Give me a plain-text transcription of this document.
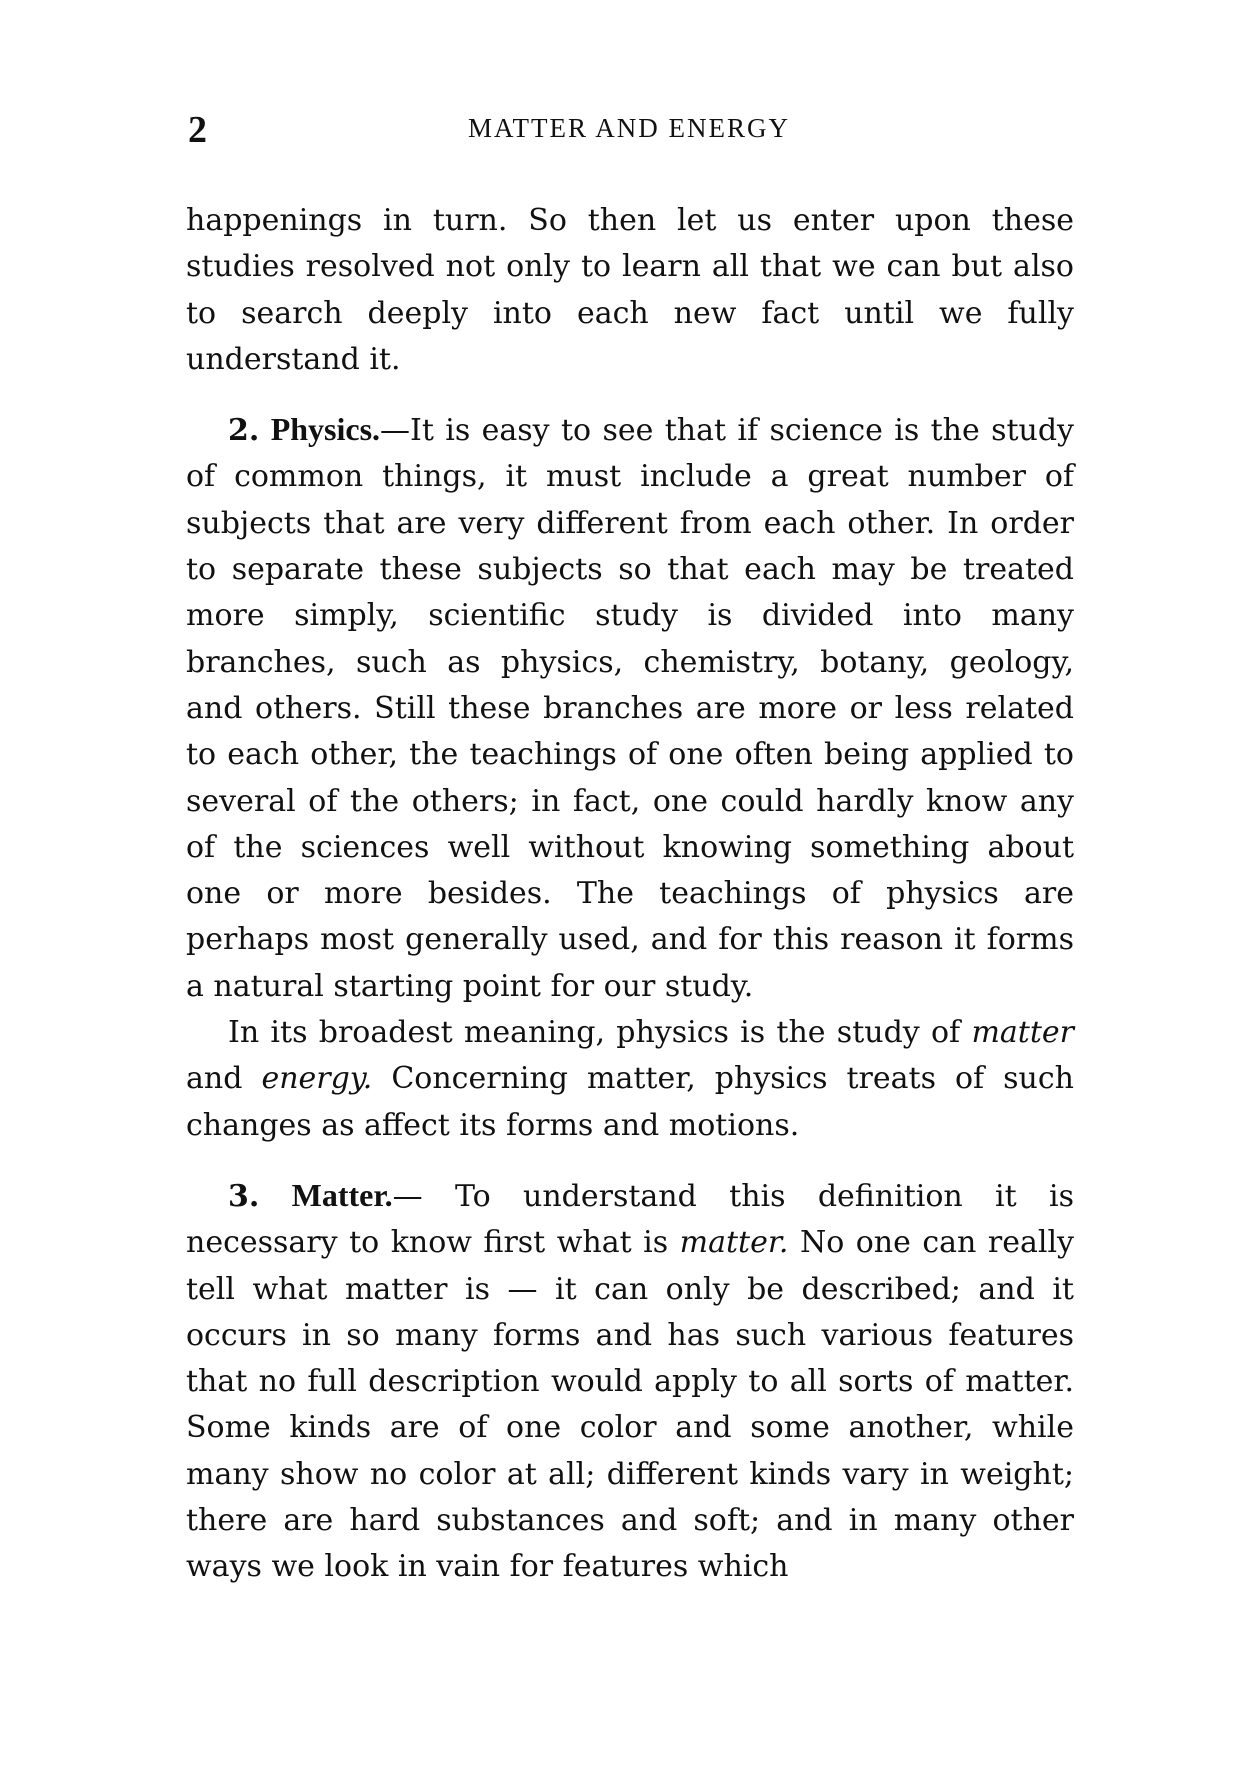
2	MATTER AND ENERGY

happenings in turn. So then let us enter upon these studies resolved not only to learn all that we can but also to search deeply into each new fact until we fully understand it.

2. Physics.—It is easy to see that if science is the study of common things, it must include a great number of subjects that are very different from each other. In order to separate these subjects so that each may be treated more simply, scientific study is divided into many branches, such as physics, chemistry, botany, geology, and others. Still these branches are more or less related to each other, the teachings of one often being applied to several of the others; in fact, one could hardly know any of the sciences well without knowing something about one or more besides. The teachings of physics are perhaps most generally used, and for this reason it forms a natural starting point for our study.

In its broadest meaning, physics is the study of matter and energy. Concerning matter, physics treats of such changes as affect its forms and motions.

3. Matter.— To understand this definition it is necessary to know first what is matter. No one can really tell what matter is — it can only be described; and it occurs in so many forms and has such various features that no full description would apply to all sorts of matter. Some kinds are of one color and some another, while many show no color at all; different kinds vary in weight; there are hard substances and soft; and in many other ways we look in vain for features which
